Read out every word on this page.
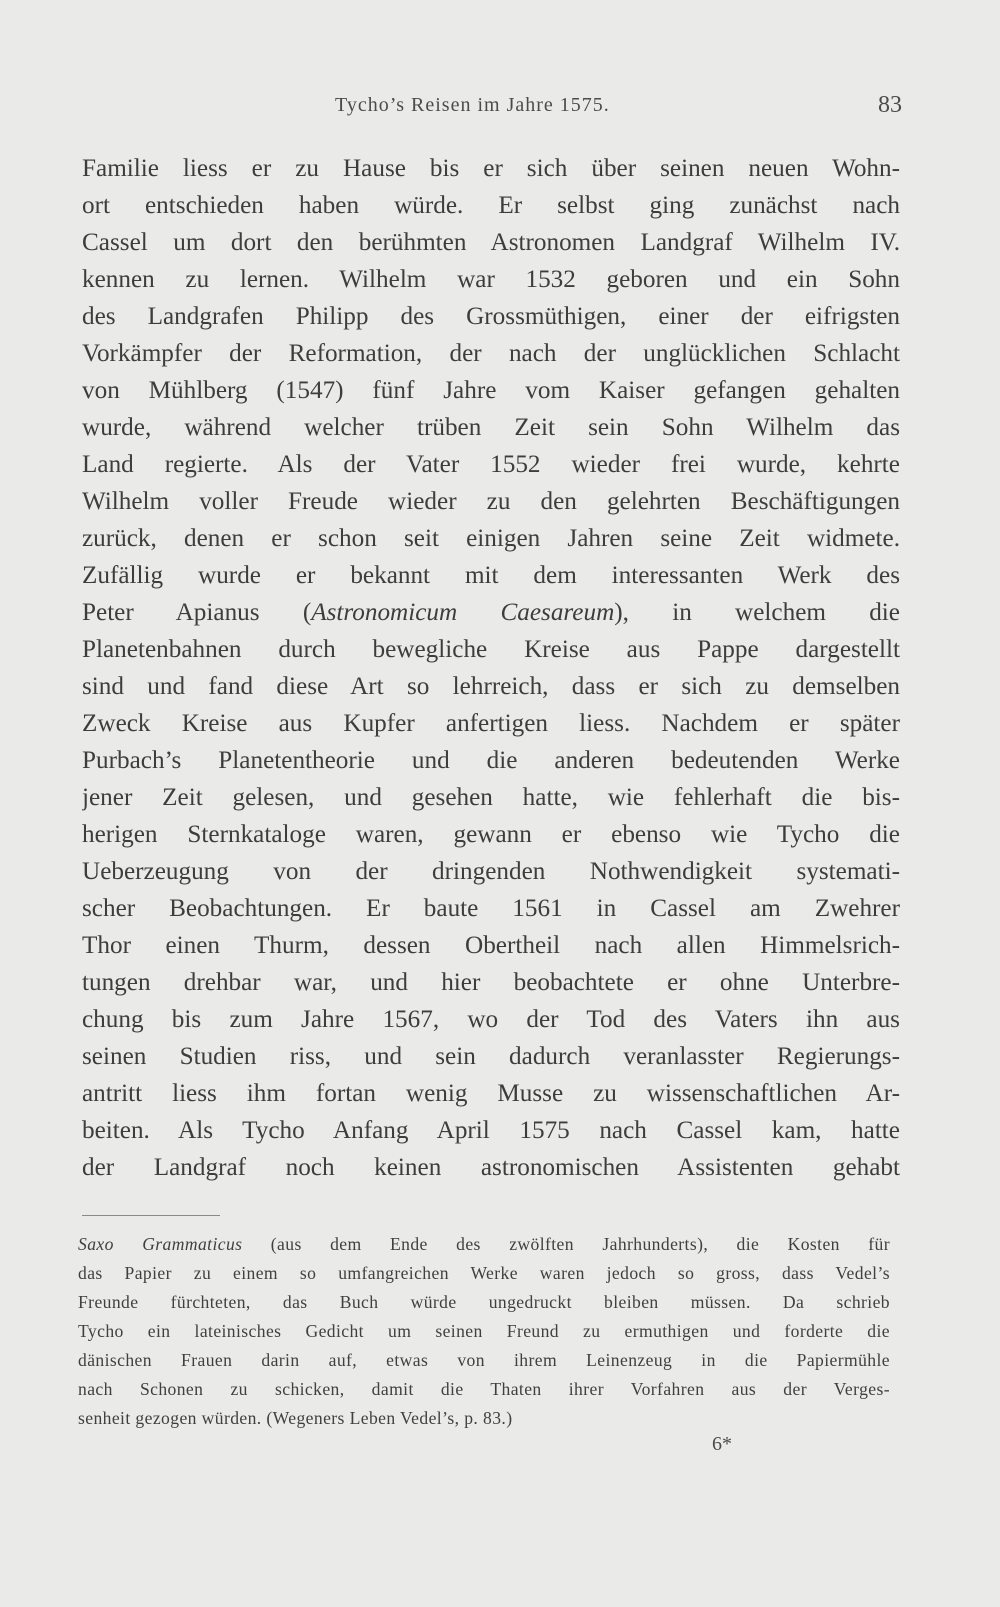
Tycho’s Reisen im Jahre 1575.	83
Familie liess er zu Hause bis er sich über seinen neuen Wohn-
ort entschieden haben würde. Er selbst ging zunächst nach
Cassel um dort den berühmten Astronomen Landgraf Wilhelm IV.
kennen zu lernen. Wilhelm war 1532 geboren und ein Sohn
des Landgrafen Philipp des Grossmüthigen, einer der eifrigsten
Vorkämpfer der Reformation, der nach der unglücklichen Schlacht
von Mühlberg (1547) fünf Jahre vom Kaiser gefangen gehalten
wurde, während welcher trüben Zeit sein Sohn Wilhelm das
Land regierte. Als der Vater 1552 wieder frei wurde, kehrte
Wilhelm voller Freude wieder zu den gelehrten Beschäftigungen
zurück, denen er schon seit einigen Jahren seine Zeit widmete.
Zufällig wurde er bekannt mit dem interessanten Werk des
Peter Apianus (Astronomicum Caesareum), in welchem die
Planetenbahnen durch bewegliche Kreise aus Pappe dargestellt
sind und fand diese Art so lehrreich, dass er sich zu demselben
Zweck Kreise aus Kupfer anfertigen liess. Nachdem er später
Purbach’s Planetentheorie und die anderen bedeutenden Werke
jener Zeit gelesen, und gesehen hatte, wie fehlerhaft die bis-
herigen Sternkataloge waren, gewann er ebenso wie Tycho die
Ueberzeugung von der dringenden Nothwendigkeit systemati-
scher Beobachtungen. Er baute 1561 in Cassel am Zwehrer
Thor einen Thurm, dessen Obertheil nach allen Himmelsrich-
tungen drehbar war, und hier beobachtete er ohne Unterbre-
chung bis zum Jahre 1567, wo der Tod des Vaters ihn aus
seinen Studien riss, und sein dadurch veranlasster Regierungs-
antritt liess ihm fortan wenig Musse zu wissenschaftlichen Ar-
beiten. Als Tycho Anfang April 1575 nach Cassel kam, hatte
der Landgraf noch keinen astronomischen Assistenten gehabt
Saxo Grammaticus (aus dem Ende des zwölften Jahrhunderts), die Kosten für
das Papier zu einem so umfangreichen Werke waren jedoch so gross, dass Vedel’s
Freunde fürchteten, das Buch würde ungedruckt bleiben müssen. Da schrieb
Tycho ein lateinisches Gedicht um seinen Freund zu ermuthigen und forderte die
dänischen Frauen darin auf, etwas von ihrem Leinenzeug in die Papiermühle
nach Schonen zu schicken, damit die Thaten ihrer Vorfahren aus der Verges-
senheit gezogen würden. (Wegeners Leben Vedel’s, p. 83.)
6*
